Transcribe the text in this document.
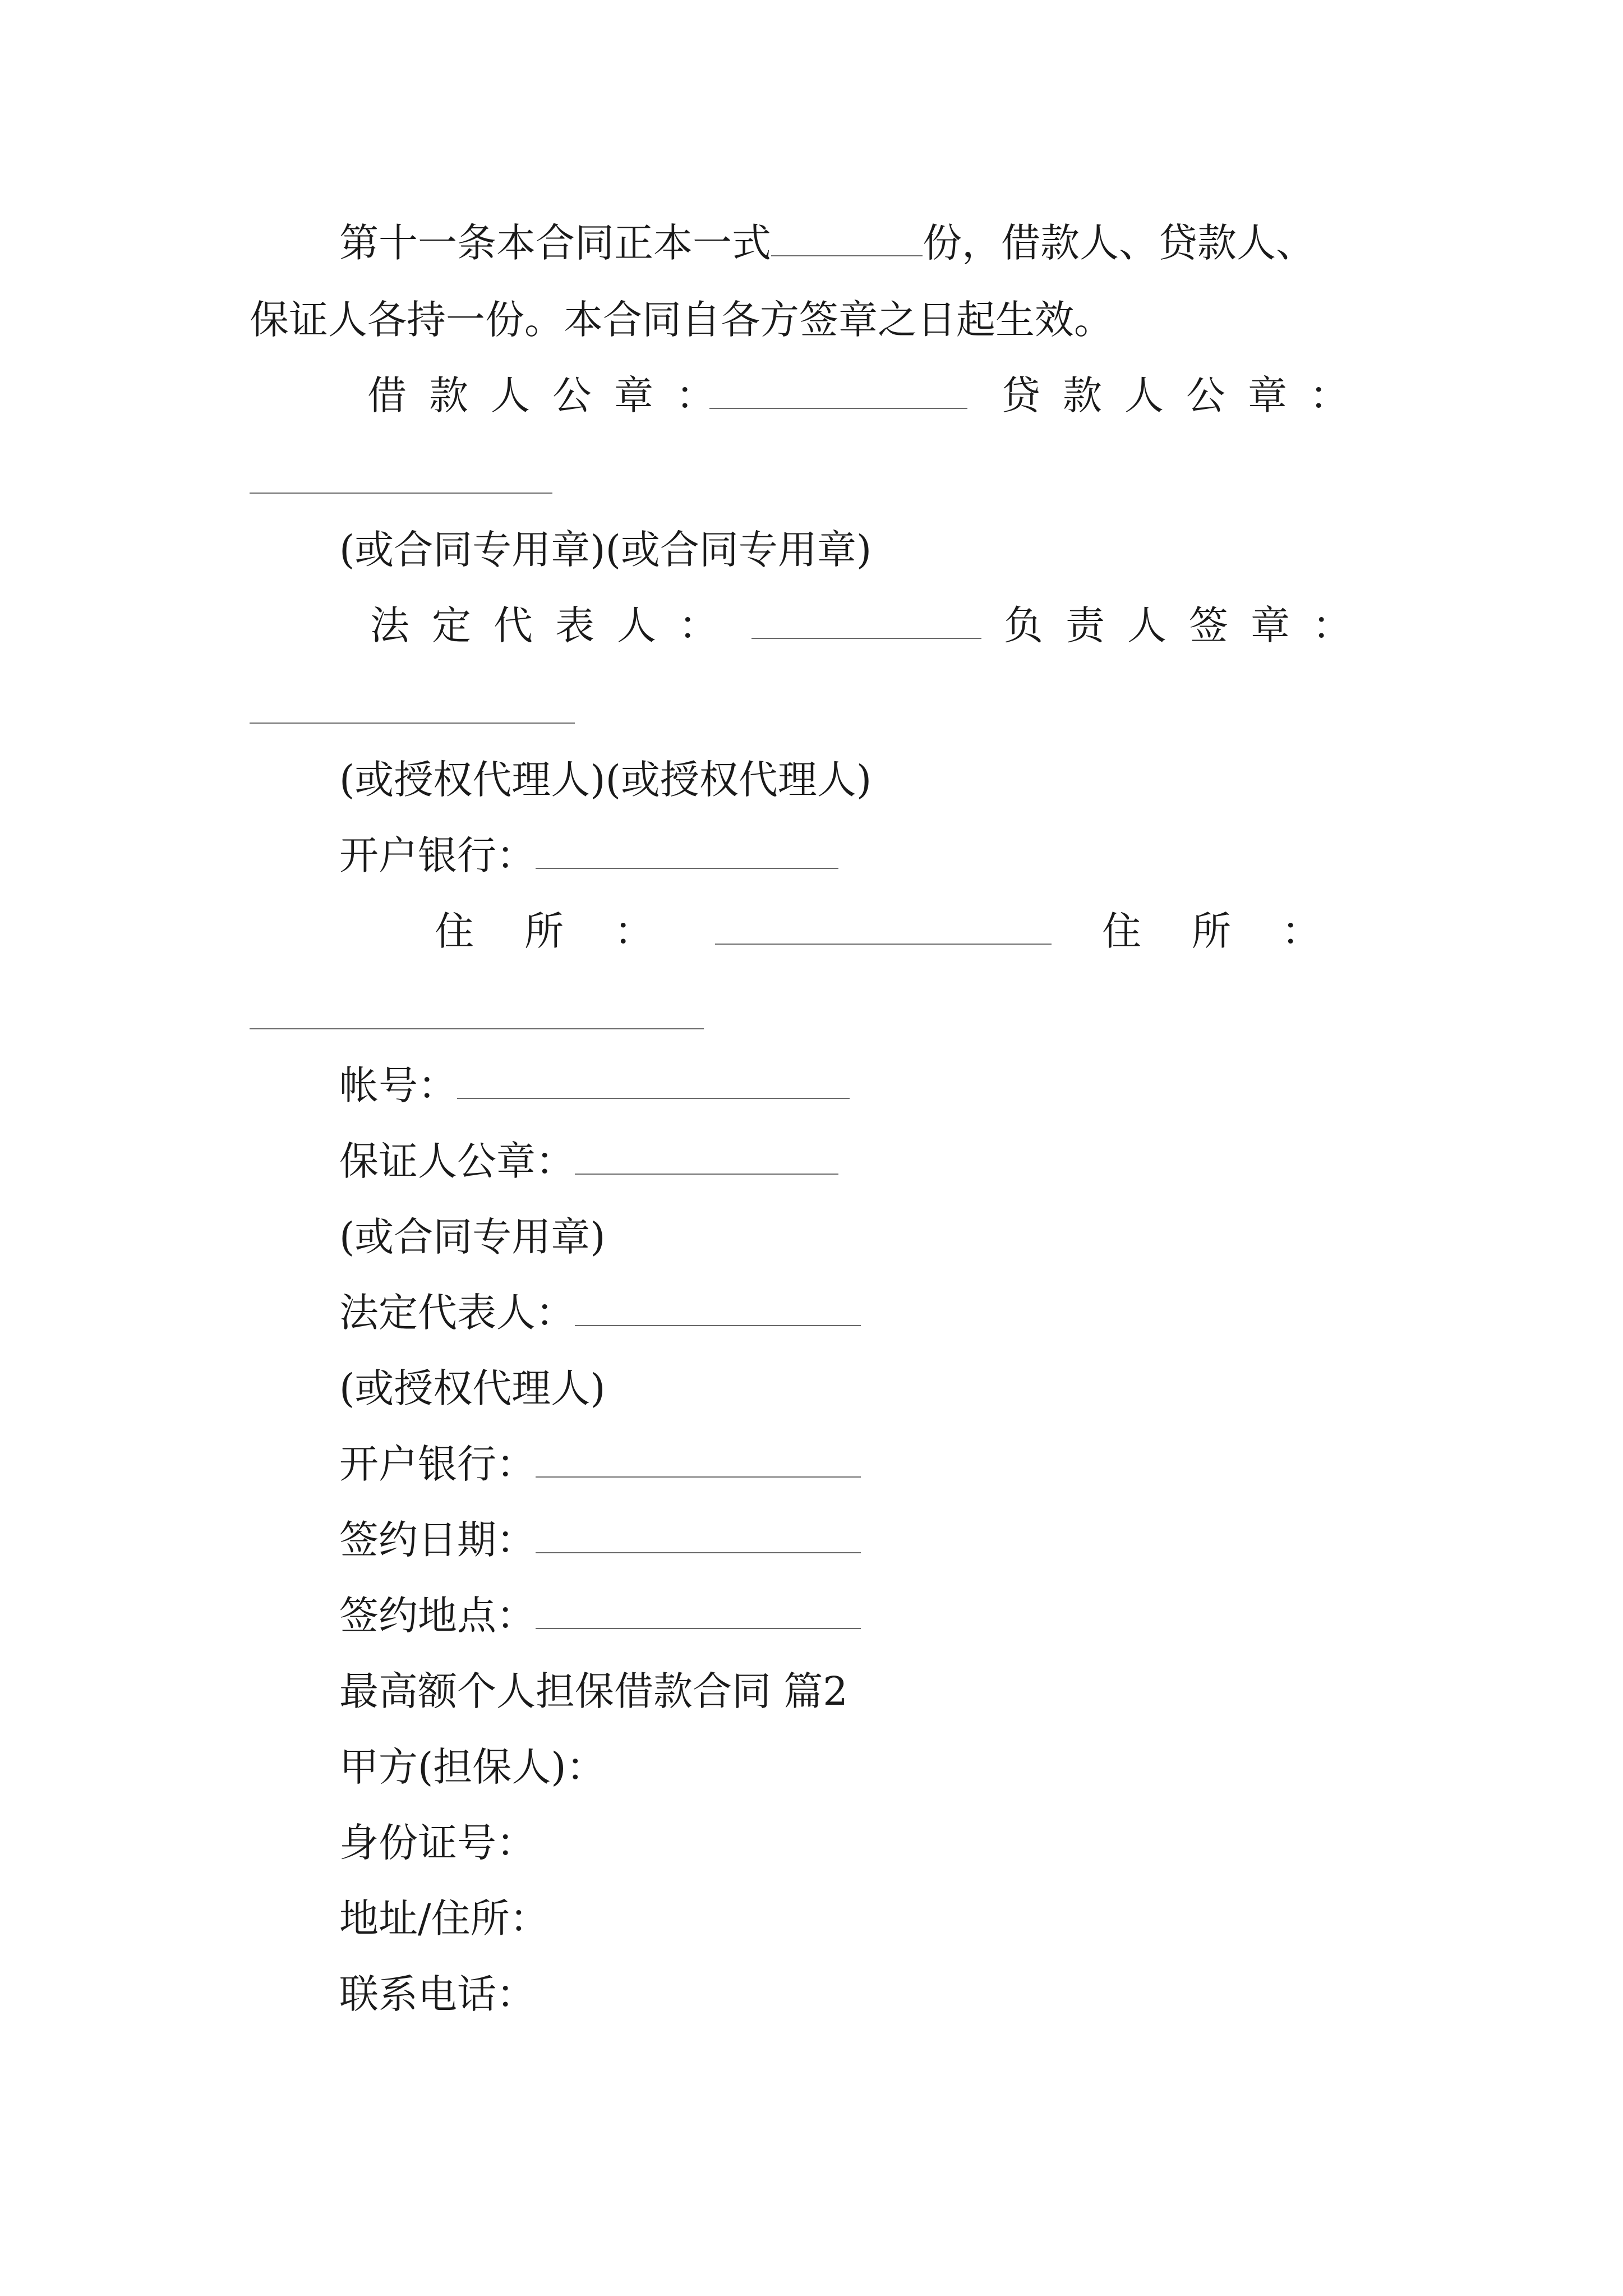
第十一条本合同正本一式	份，借款人、贷款人、
保证人各持一份。本合同自各方签章之日起生效。
借款人公章：	贷款人公章：
(或合同专用章)(或合同专用章)
法定代表人：	负责人签章：
(或授权代理人)(或授权代理人)
开户银行：
住所：	住所：
帐号：
保证人公章：
(或合同专用章)
法定代表人：
(或授权代理人)
开户银行：
签约日期：
签约地点：
最高额个人担保借款合同 篇2
甲方(担保人)：
身份证号：
地址/住所：
联系电话：
